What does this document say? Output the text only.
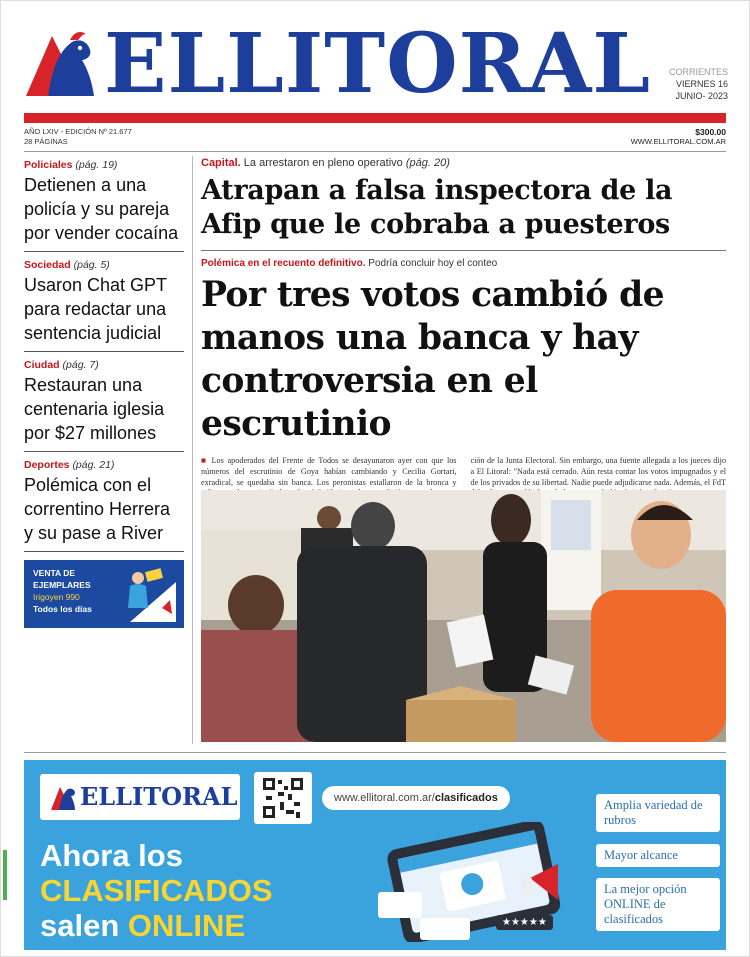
ELLITORAL CORRIENTES
VIERNES 16
JUNIO- 2023
AÑO LXIV - EDICIÓN Nº 21.677
28 PÁGINAS
$300.00
WWW.ELLITORAL.COM.AR
Policiales (pág. 19)
Detienen a una policía y su pareja por vender cocaína
Sociedad (pág. 5)
Usaron Chat GPT para redactar una sentencia judicial
Ciudad (pág. 7)
Restauran una centenaria iglesia por $27 millones
Deportes (pág. 21)
Polémica con el correntino Herrera y su pase a River
VENTA DE
EJEMPLARES
Irigoyen 990
Todos los días
Capital. La arrestaron en pleno operativo (pág. 20)
Atrapan a falsa inspectora de la Afip que le cobraba a puesteros
Polémica en el recuento definitivo. Podría concluir hoy el conteo
Por tres votos cambió de manos una banca y hay controversia en el escrutinio

■ Los apoderados del Frente de Todos se desayunaron ayer con que los números del escrutinio de Goya habían cambiando y Cecilia Gortari, exradical, se quedaba sin banca. Los peronistas estallaron de la bronca y

ción de la Junta Electoral. Sin embargo, una fuente allegada a los jueces dijo a El Litoral: "Nada está cerrado. Aún resta contar los votos impugnados y el de los privados de su libertad. Nadie puede adjudicarse nada. Además, el FdT

ELLITORAL	www.ellitoral.com.ar/clasificados
Ahora los
CLASIFICADOS
salen ONLINE	★★★★★
Amplia variedad de rubros
Mayor alcance
La mejor opción ONLINE de clasificados
